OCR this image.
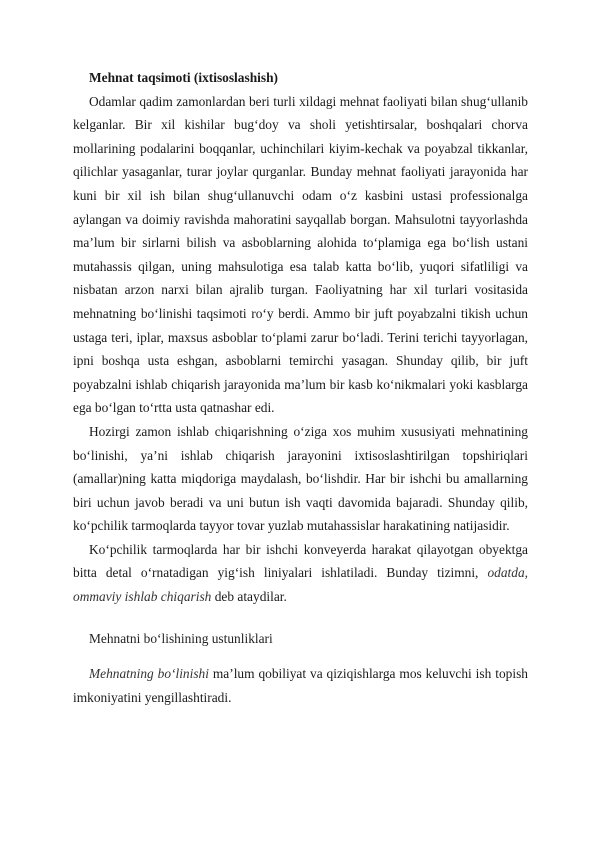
Mehnat taqsimoti (ixtisoslashish)

Odamlar qadim zamonlardan beri turli xildagi mehnat faoliyati bilan shug‘ullanib kelganlar. Bir xil kishilar bug‘doy va sholi yetishtirsalar, boshqalari chorva mollarining podalarini boqqanlar, uchinchilari kiyim-kechak va poyabzal tikkanlar, qilichlar yasaganlar, turar joylar qurganlar. Bunday mehnat faoliyati jarayonida har kuni bir xil ish bilan shug‘ullanuvchi odam o‘z kasbini ustasi professionalga aylangan va doimiy ravishda mahoratini sayqallab borgan. Mahsulotni tayyorlashda ma’lum bir sirlarni bilish va asboblarning alohida to‘plamiga ega bo‘lish ustani mutahassis qilgan, uning mahsulotiga esa talab katta bo‘lib, yuqori sifatliligi va nisbatan arzon narxi bilan ajralib turgan. Faoliyatning har xil turlari vositasida mehnatning bo‘linishi taqsimoti ro‘y berdi. Ammo bir juft poyabzalni tikish uchun ustaga teri, iplar, maxsus asboblar to‘plami zarur bo‘ladi. Terini terichi tayyorlagan, ipni boshqa usta eshgan, asboblarni temirchi yasagan. Shunday qilib, bir juft poyabzalni ishlab chiqarish jarayonida ma’lum bir kasb ko‘nikmalari yoki kasblarga ega bo‘lgan to‘rtta usta qatnashar edi.

Hozirgi zamon ishlab chiqarishning o‘ziga xos muhim xususiyati mehnatining bo‘linishi, ya’ni ishlab chiqarish jarayonini ixtisoslashtirilgan topshiriqlari (amallar)ning katta miqdoriga maydalash, bo‘lishdir. Har bir ishchi bu amallarning biri uchun javob beradi va uni butun ish vaqti davomida bajaradi. Shunday qilib, ko‘pchilik tarmoqlarda tayyor tovar yuzlab mutahassislar harakatining natijasidir.

Ko‘pchilik tarmoqlarda har bir ishchi konveyerda harakat qilayotgan obyektga bitta detal o‘rnatadigan yig‘ish liniyalari ishlatiladi. Bunday tizimni, odatda, ommaviy ishlab chiqarish deb ataydilar.

Mehnatni bo‘lishining ustunliklari

Mehnatning bo‘linishi ma’lum qobiliyat va qiziqishlarga mos keluvchi ish topish imkoniyatini yengillashtiradi.
